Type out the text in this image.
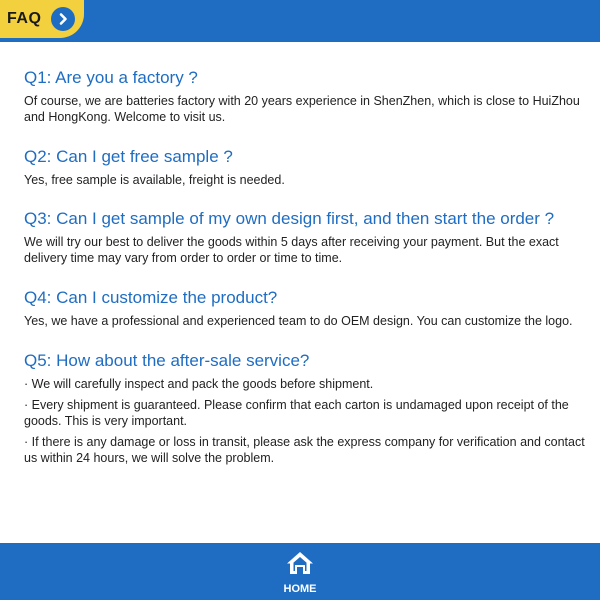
FAQ
Q1: Are you a factory ?

Of course, we are batteries factory with 20 years experience in ShenZhen, which is close to HuiZhou and HongKong. Welcome to visit us.

Q2: Can I get free sample ?

Yes, free sample is available, freight is needed.

Q3: Can I get sample of my own design first, and then start the order ?

We will try our best to deliver the goods within 5 days after receiving your payment. But the exact delivery time may vary from order to order or time to time.

Q4: Can I customize the product?

Yes, we have a professional and experienced team to do OEM design. You can customize the logo.

Q5: How about the after-sale service?

· We will carefully inspect and pack the goods before shipment.

· Every shipment is guaranteed. Please confirm that each carton is undamaged upon receipt of the goods. This is very important.

· If there is any damage or loss in transit, please ask the express company for verification and contact us within 24 hours, we will solve the problem.

HOME
